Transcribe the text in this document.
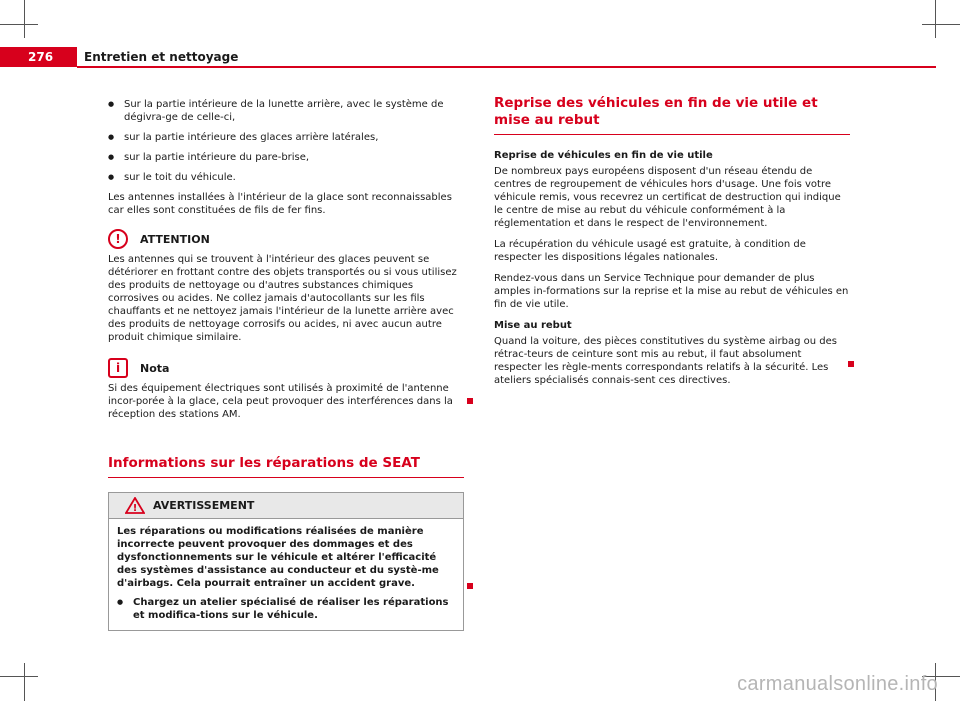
276	Entretien et nettoyage
● Sur la partie intérieure de la lunette arrière, avec le système de dégivra-ge de celle-ci,
● sur la partie intérieure des glaces arrière latérales,
● sur la partie intérieure du pare-brise,
● sur le toit du véhicule.

Les antennes installées à l'intérieur de la glace sont reconnaissables car elles sont constituées de fils de fer fins.

!	ATTENTION

Les antennes qui se trouvent à l'intérieur des glaces peuvent se détériorer en frottant contre des objets transportés ou si vous utilisez des produits de nettoyage ou d'autres substances chimiques corrosives ou acides. Ne collez jamais d'autocollants sur les fils chauffants et ne nettoyez jamais l'intérieur de la lunette arrière avec des produits de nettoyage corrosifs ou acides, ni avec aucun autre produit chimique similaire.

i	Nota

Si des équipement électriques sont utilisés à proximité de l'antenne incor-porée à la glace, cela peut provoquer des interférences dans la réception des stations AM.

Informations sur les réparations de SEAT
! AVERTISSEMENT

Les réparations ou modifications réalisées de manière incorrecte peuvent provoquer des dommages et des dysfonctionnements sur le véhicule et altérer l'efficacité des systèmes d'assistance au conducteur et du systè-me d'airbags. Cela pourrait entraîner un accident grave.

● Chargez un atelier spécialisé de réaliser les réparations et modifica-tions sur le véhicule.
Reprise des véhicules en fin de vie utile et mise au rebut
Reprise de véhicules en fin de vie utile

De nombreux pays européens disposent d'un réseau étendu de centres de regroupement de véhicules hors d'usage. Une fois votre véhicule remis, vous recevrez un certificat de destruction qui indique le centre de mise au rebut du véhicule conformément à la réglementation et dans le respect de l'environnement.

La récupération du véhicule usagé est gratuite, à condition de respecter les dispositions légales nationales.

Rendez-vous dans un Service Technique pour demander de plus amples in-formations sur la reprise et la mise au rebut de véhicules en fin de vie utile.

Mise au rebut

Quand la voiture, des pièces constitutives du système airbag ou des rétrac-teurs de ceinture sont mis au rebut, il faut absolument respecter les règle-ments correspondants relatifs à la sécurité. Les ateliers spécialisés connais-sent ces directives.

carmanualsonline.info
